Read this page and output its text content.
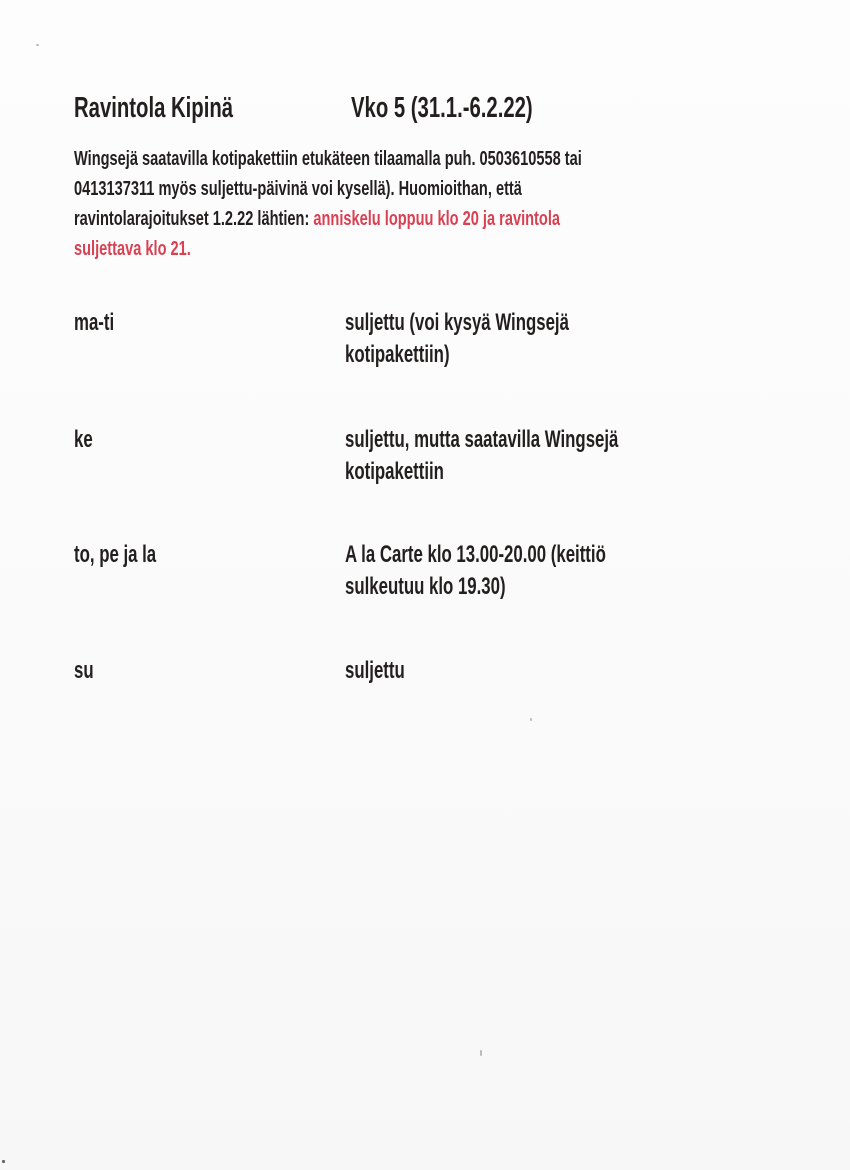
Ravintola Kipinä	Vko 5 (31.1.-6.2.22)
Wingsejä saatavilla kotipakettiin etukäteen tilaamalla puh. 0503610558 tai
0413137311 myös suljettu-päivinä voi kysellä). Huomioithan, että
ravintolarajoitukset 1.2.22 lähtien: anniskelu loppuu klo 20 ja ravintola
suljettava klo 21.
ma-ti	suljettu (voi kysyä Wingsejä
kotipakettiin)
ke	suljettu, mutta saatavilla Wingsejä
kotipakettiin
to, pe ja la	A la Carte klo 13.00-20.00 (keittiö
sulkeutuu klo 19.30)
su	suljettu
